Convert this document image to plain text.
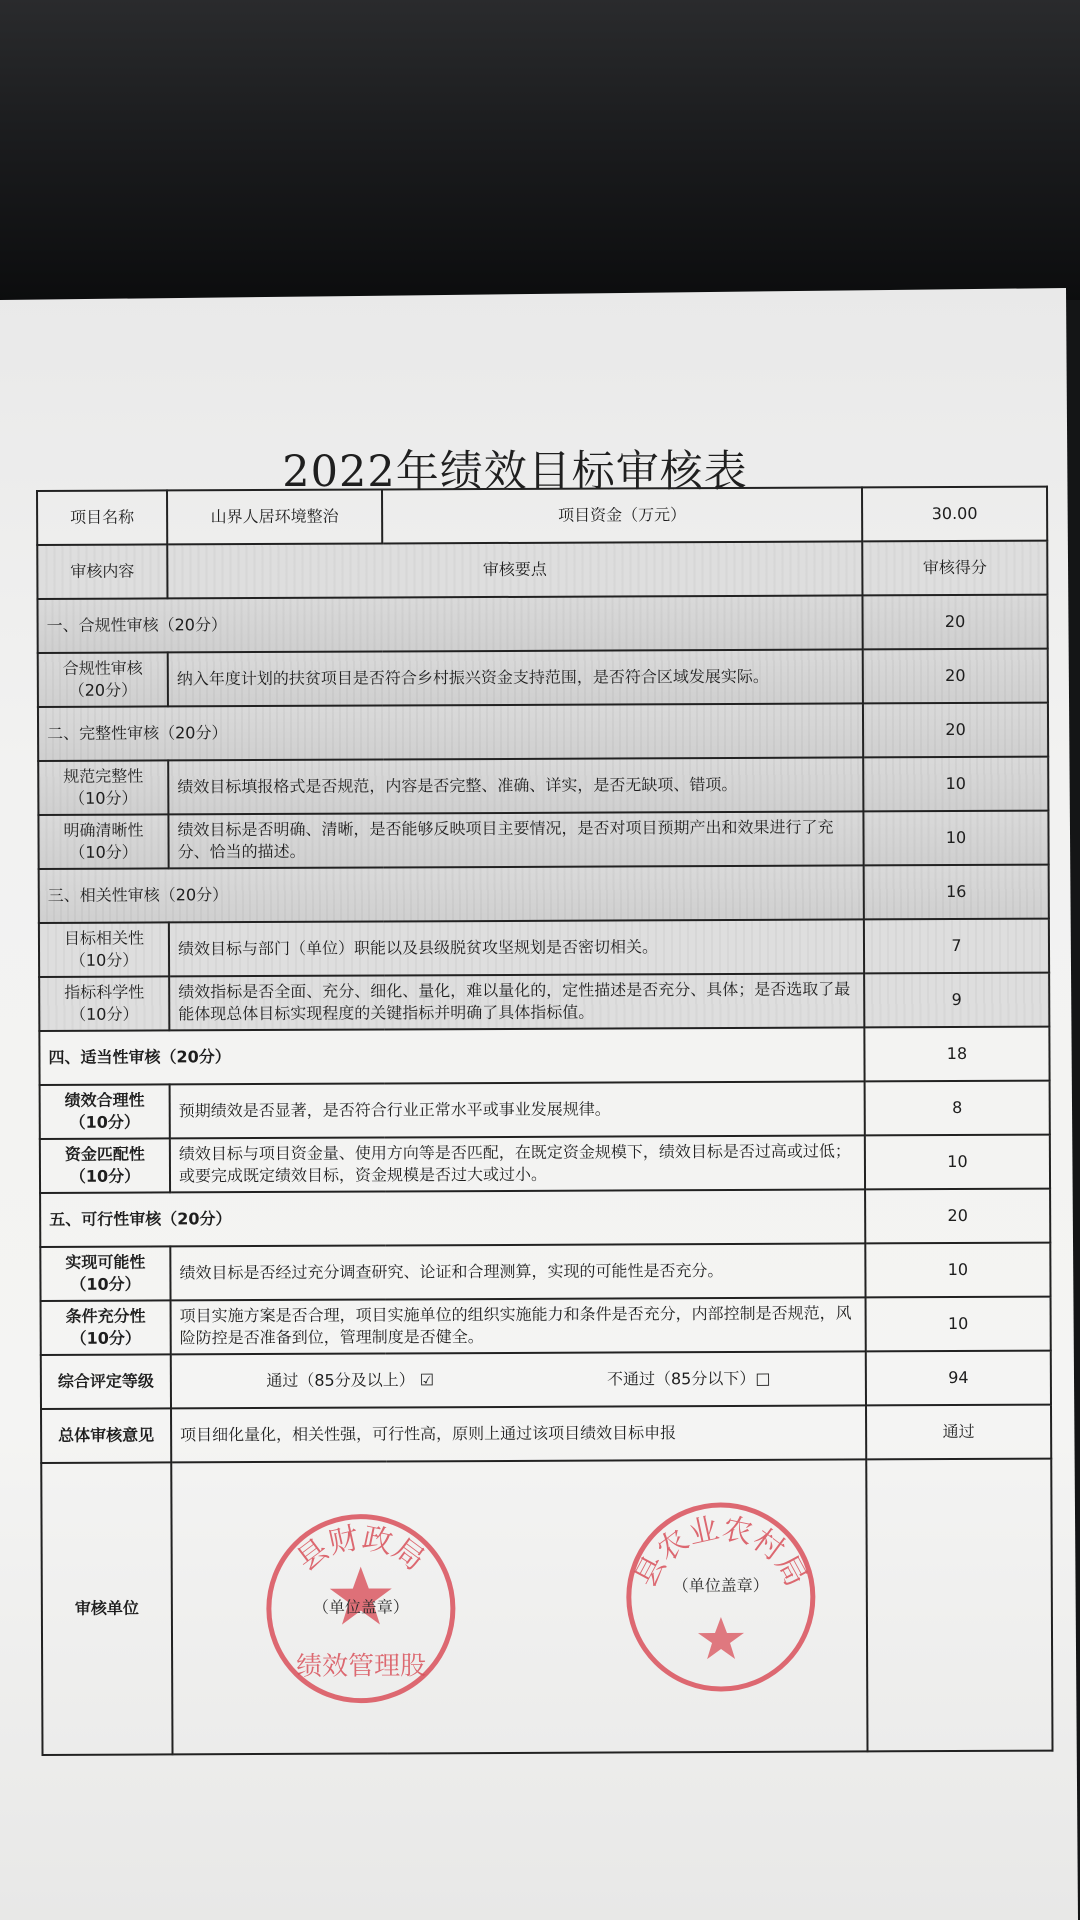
2022年绩效目标审核表
项目名称	山界人居环境整治	项目资金（万元）	30.00
审核内容	审核要点		审核得分
一、合规性审核（20分）			20

合规性审核
（20分）	纳入年度计划的扶贫项目是否符合乡村振兴资金支持范围，是否符合区域发展实际。		20
二、完整性审核（20分）			20

规范完整性
（10分）	绩效目标填报格式是否规范，内容是否完整、准确、详实，是否无缺项、错项。		10

明确清晰性
（10分）	绩效目标是否明确、清晰，是否能够反映项目主要情况，是否对项目预期产出和效果进行了充分、恰当的描述。		10
三、相关性审核（20分）			16

目标相关性
（10分）	绩效目标与部门（单位）职能以及县级脱贫攻坚规划是否密切相关。		7

指标科学性
（10分）	绩效指标是否全面、充分、细化、量化，难以量化的，定性描述是否充分、具体；是否选取了最能体现总体目标实现程度的关键指标并明确了具体指标值。		9
四、适当性审核（20分）			18

绩效合理性
（10分）	预期绩效是否显著，是否符合行业正常水平或事业发展规律。		8

资金匹配性
（10分）	绩效目标与项目资金量、使用方向等是否匹配，在既定资金规模下，绩效目标是否过高或过低；或要完成既定绩效目标，资金规模是否过大或过小。		10
五、可行性审核（20分）			20

实现可能性
（10分）	绩效目标是否经过充分调查研究、论证和合理测算，实现的可能性是否充分。		10

条件充分性
（10分）	项目实施方案是否合理，项目实施单位的组织实施能力和条件是否充分，内部控制是否规范，风险防控是否准备到位，管理制度是否健全。		10
综合评定等级	通过（85分及以上） ☑ 不通过（85分以下）□		94
总体审核意见	项目细化量化，相关性强，可行性高，原则上通过该项目绩效目标申报		通过
审核单位	县财政局
绩效管理股
（单位盖章）
县农业农村局
（单位盖章）		
